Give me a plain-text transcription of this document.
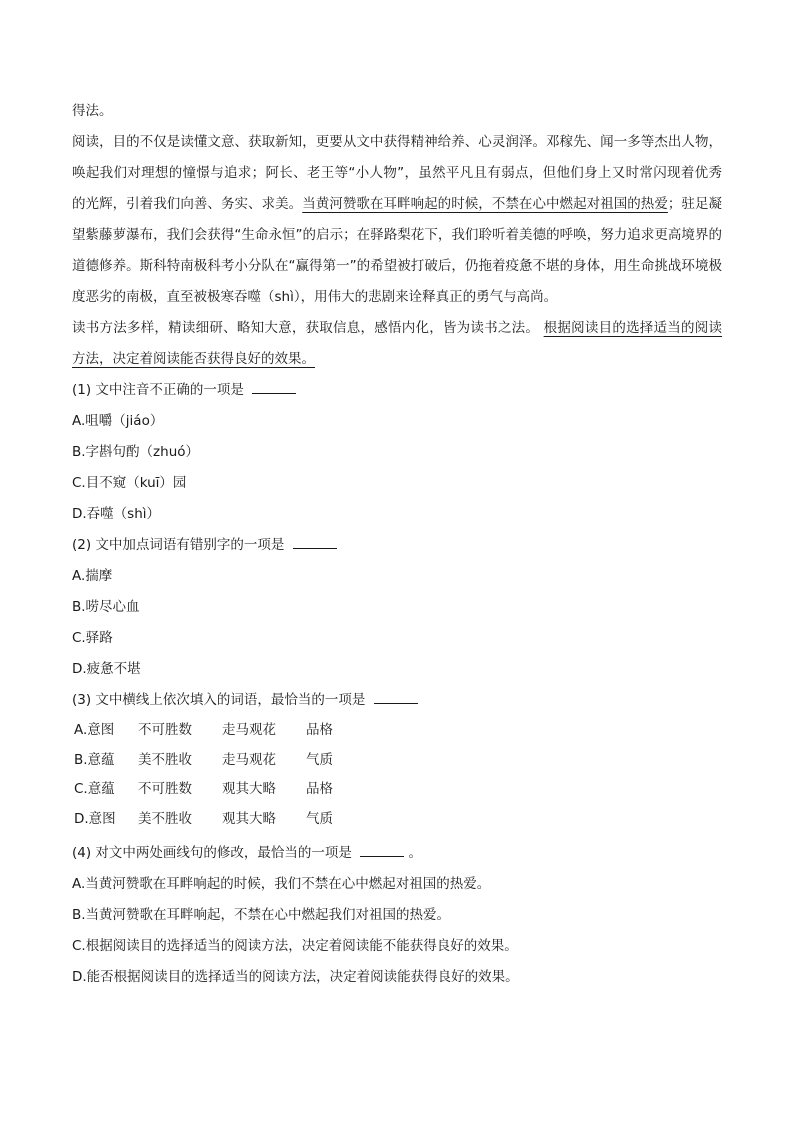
得法。

阅读，目的不仅是读懂文意、获取新知，更要从文中获得精神给养、心灵润泽。邓稼先、闻一多等杰出人物，唤起我们对理想的憧憬与追求；阿长、老王等“小人物”，虽然平凡且有弱点，但他们身上又时常闪现着优秀 的光辉，引着我们向善、务实、求美。当黄河赞歌在耳畔响起的时候，不禁在心中燃起对祖国的热爱；驻足凝望紫藤萝瀑布，我们会获得“生命永恒”的启示；在驿路梨花下，我们聆听着美德的呼唤，努力追求更高境界的道德修养。斯科特南极科考小分队在“赢得第一”的希望被打破后，仍拖着疫惫不堪的身体，用生命挑战环境极度恶劣的南极，直至被极寒吞噬（shì），用伟大的悲剧来诠释真正的勇气与高尚。

读书方法多样，精读细研、略知大意，获取信息，感悟内化，皆为读书之法。 根据阅读目的选择适当的阅读方法，决定着阅读能否获得良好的效果。

(1) 文中注音不正确的一项是

A.咀嚼（jiáo）

B.字斟句酌（zhuó）

C.目不窥（kuī）园

D.吞噬（shì）

(2) 文中加点词语有错别字的一项是

A.揣摩

B.唠尽心血

C.驿路

D.疲惫不堪

(3) 文中横线上依次填入的词语，最恰当的一项是

A.意图 不可胜数 走马观花 品格

B.意蕴 美不胜收 走马观花 气质

C.意蕴 不可胜数 观其大略 品格

D.意图 美不胜收 观其大略 气质

(4) 对文中两处画线句的修改，最恰当的一项是	。

A.当黄河赞歌在耳畔响起的时候，我们不禁在心中燃起对祖国的热爱。

B.当黄河赞歌在耳畔响起，不禁在心中燃起我们对祖国的热爱。

C.根据阅读目的选择适当的阅读方法，决定着阅读能不能获得良好的效果。

D.能否根据阅读目的选择适当的阅读方法，决定着阅读能获得良好的效果。
